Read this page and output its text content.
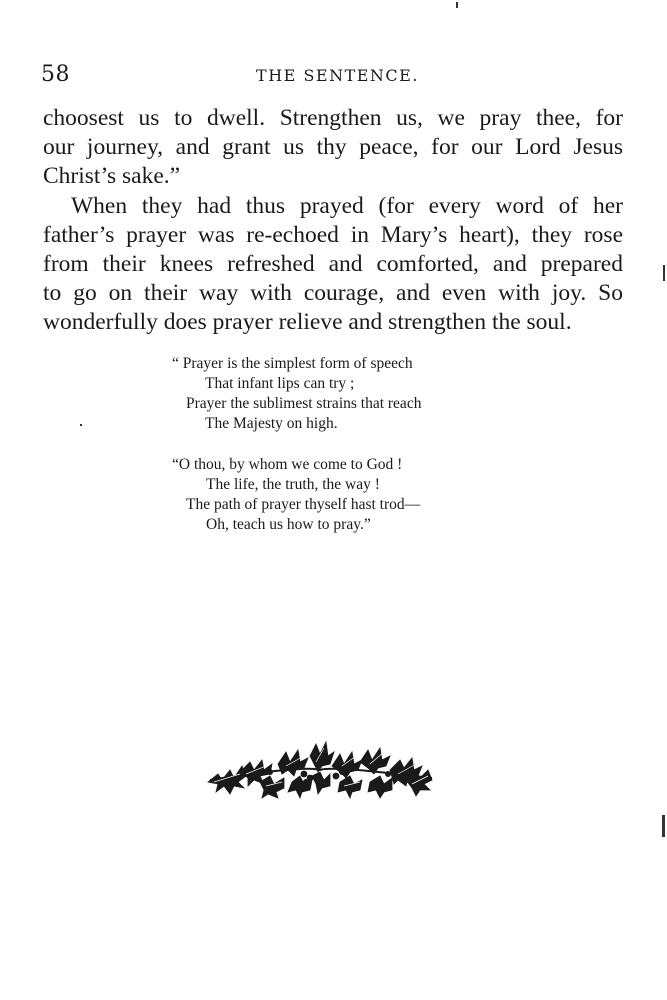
58	THE SENTENCE.
choosest us to dwell. Strengthen us, we pray thee, for
our journey, and grant us thy peace, for our Lord Jesus
Christ’s sake.”
When they had thus prayed (for every word of her
father’s prayer was re-echoed in Mary’s heart), they rose
from their knees refreshed and comforted, and prepared
to go on their way with courage, and even with joy. So
wonderfully does prayer relieve and strengthen the soul.
“ Prayer is the simplest form of speech
That infant lips can try ;
Prayer the sublimest strains that reach
The Majesty on high.
“O thou, by whom we come to God !
The life, the truth, the way !
The path of prayer thyself hast trod—
Oh, teach us how to pray.”
